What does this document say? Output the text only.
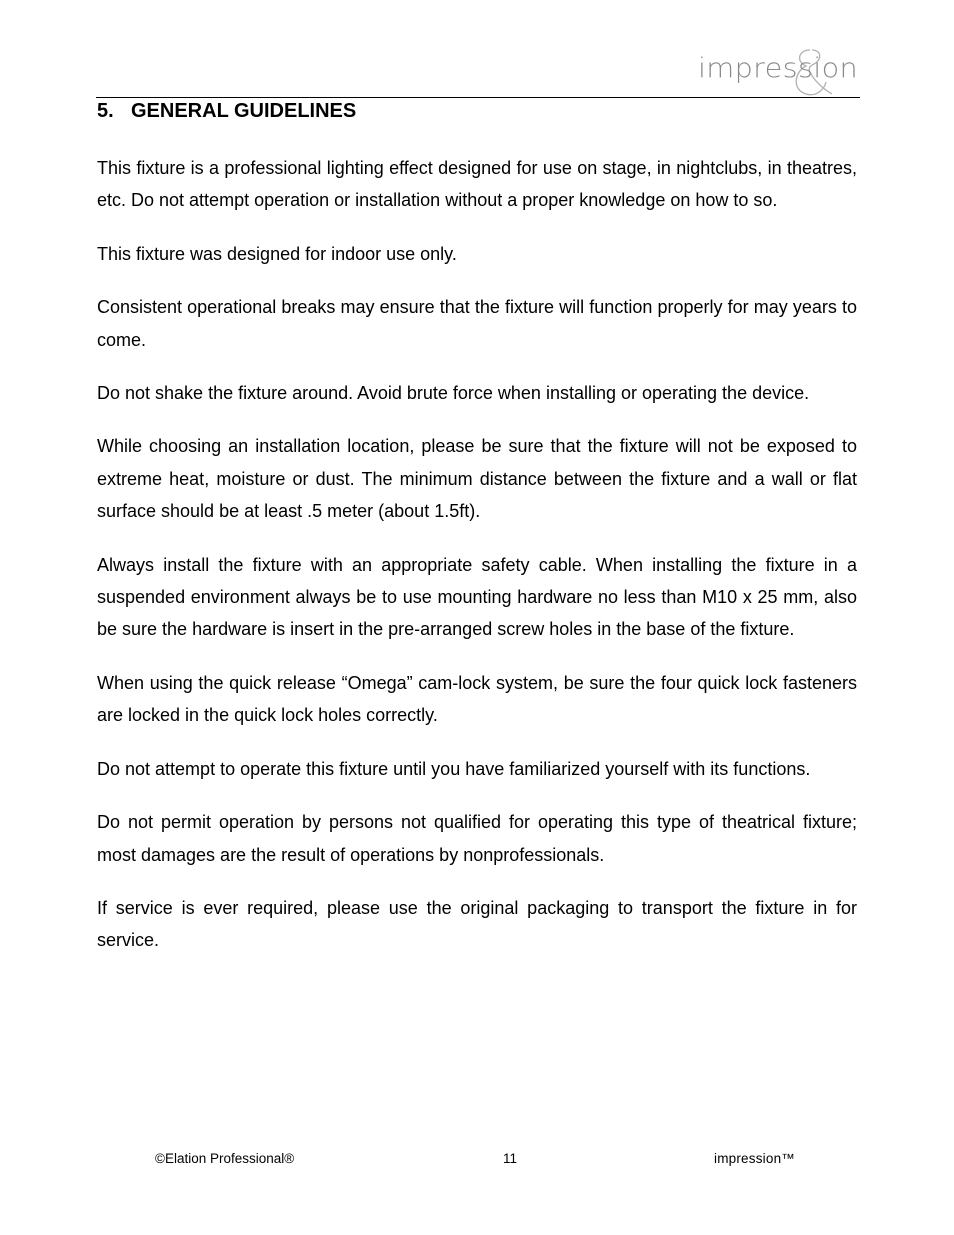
impression
5. GENERAL GUIDELINES

This fixture is a professional lighting effect designed for use on stage, in nightclubs, in theatres, etc. Do not attempt operation or installation without a proper knowledge on how to so.

This fixture was designed for indoor use only.

Consistent operational breaks may ensure that the fixture will function properly for may years to come.

Do not shake the fixture around. Avoid brute force when installing or operating the device.

While choosing an installation location, please be sure that the fixture will not be exposed to extreme heat, moisture or dust. The minimum distance between the fixture and a wall or flat surface should be at least .5 meter (about 1.5ft).

Always install the fixture with an appropriate safety cable. When installing the fixture in a suspended environment always be to use mounting hardware no less than M10 x 25 mm, also be sure the hardware is insert in the pre-arranged screw holes in the base of the fixture.

When using the quick release “Omega” cam-lock system, be sure the four quick lock fasteners are locked in the quick lock holes correctly.

Do not attempt to operate this fixture until you have familiarized yourself with its functions.

Do not permit operation by persons not qualified for operating this type of theatrical fixture; most damages are the result of operations by nonprofessionals.

If service is ever required, please use the original packaging to transport the fixture in for service.

©Elation Professional®	11	impression™
